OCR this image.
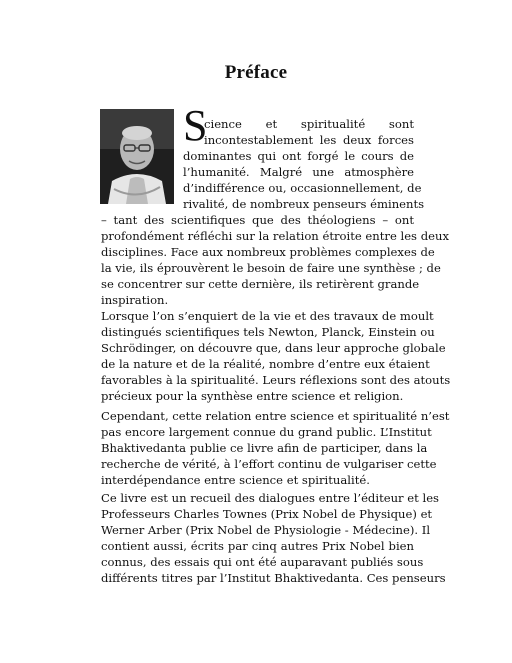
Préface
S
cience et spiritualité sont
incontestablement les deux forces
dominantes qui ont forgé le cours de
l’humanité. Malgré une atmosphère
d’indifférence ou, occasionnellement, de
rivalité, de nombreux penseurs éminents
– tant des scientifiques que des théologiens – ont
profondément réfléchi sur la relation étroite entre les deux
disciplines. Face aux nombreux problèmes complexes de
la vie, ils éprouvèrent le besoin de faire une synthèse ; de
se concentrer sur cette dernière, ils retirèrent grande
inspiration.
Lorsque l’on s’enquiert de la vie et des travaux de moult
distingués scientifiques tels Newton, Planck, Einstein ou
Schrödinger, on découvre que, dans leur approche globale
de la nature et de la réalité, nombre d’entre eux étaient
favorables à la spiritualité. Leurs réflexions sont des atouts
précieux pour la synthèse entre science et religion.
Cependant, cette relation entre science et spiritualité n’est
pas encore largement connue du grand public. L’Institut
Bhaktivedanta publie ce livre afin de participer, dans la
recherche de vérité, à l’effort continu de vulgariser cette
interdépendance entre science et spiritualité.
Ce livre est un recueil des dialogues entre l’éditeur et les
Professeurs Charles Townes (Prix Nobel de Physique) et
Werner Arber (Prix Nobel de Physiologie - Médecine). Il
contient aussi, écrits par cinq autres Prix Nobel bien
connus, des essais qui ont été auparavant publiés sous
différents titres par l’Institut Bhaktivedanta. Ces penseurs
